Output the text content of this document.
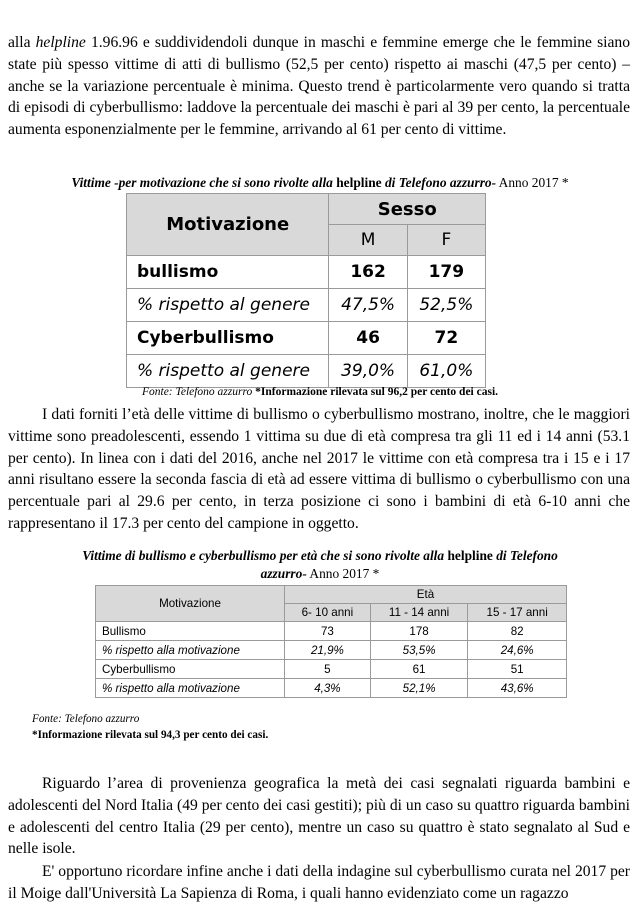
alla helpline 1.96.96 e suddividendoli dunque in maschi e femmine emerge che le femmine siano state più spesso vittime di atti di bullismo (52,5 per cento) rispetto ai maschi (47,5 per cento) –anche se la variazione percentuale è minima. Questo trend è particolarmente vero quando si tratta di episodi di cyberbullismo: laddove la percentuale dei maschi è pari al 39 per cento, la percentuale aumenta esponenzialmente per le femmine, arrivando al 61 per cento di vittime.

Vittime -per motivazione che si sono rivolte alla helpline di Telefono azzurro- Anno 2017 *
Motivazione	Sesso	
	M	F
bullismo	162	179
% rispetto al genere	47,5%	52,5%
Cyberbullismo	46	72
% rispetto al genere	39,0%	61,0%
Fonte: Telefono azzurro *Informazione rilevata sul 96,2 per cento dei casi.

I dati forniti l’età delle vittime di bullismo o cyberbullismo mostrano, inoltre, che le maggiori vittime sono preadolescenti, essendo 1 vittima su due di età compresa tra gli 11 ed i 14 anni (53.1 per cento). In linea con i dati del 2016, anche nel 2017 le vittime con età compresa tra i 15 e i 17 anni risultano essere la seconda fascia di età ad essere vittima di bullismo o cyberbullismo con una percentuale pari al 29.6 per cento, in terza posizione ci sono i bambini di età 6-10 anni che rappresentano il 17.3 per cento del campione in oggetto.

Vittime di bullismo e cyberbullismo per età che si sono rivolte alla helpline di Telefono
azzurro- Anno 2017 *
Motivazione	Età		
	6- 10 anni	11 - 14 anni	15 - 17 anni
Bullismo	73	178	82
% rispetto alla motivazione	21,9%	53,5%	24,6%
Cyberbullismo	5	61	51
% rispetto alla motivazione	4,3%	52,1%	43,6%
Fonte: Telefono azzurro
*Informazione rilevata sul 94,3 per cento dei casi.

Riguardo l’area di provenienza geografica la metà dei casi segnalati riguarda bambini e adolescenti del Nord Italia (49 per cento dei casi gestiti); più di un caso su quattro riguarda bambini e adolescenti del centro Italia (29 per cento), mentre un caso su quattro è stato segnalato al Sud e nelle isole.

E' opportuno ricordare infine anche i dati della indagine sul cyberbullismo curata nel 2017 per il Moige dall'Università La Sapienza di Roma, i quali hanno evidenziato come un ragazzo
